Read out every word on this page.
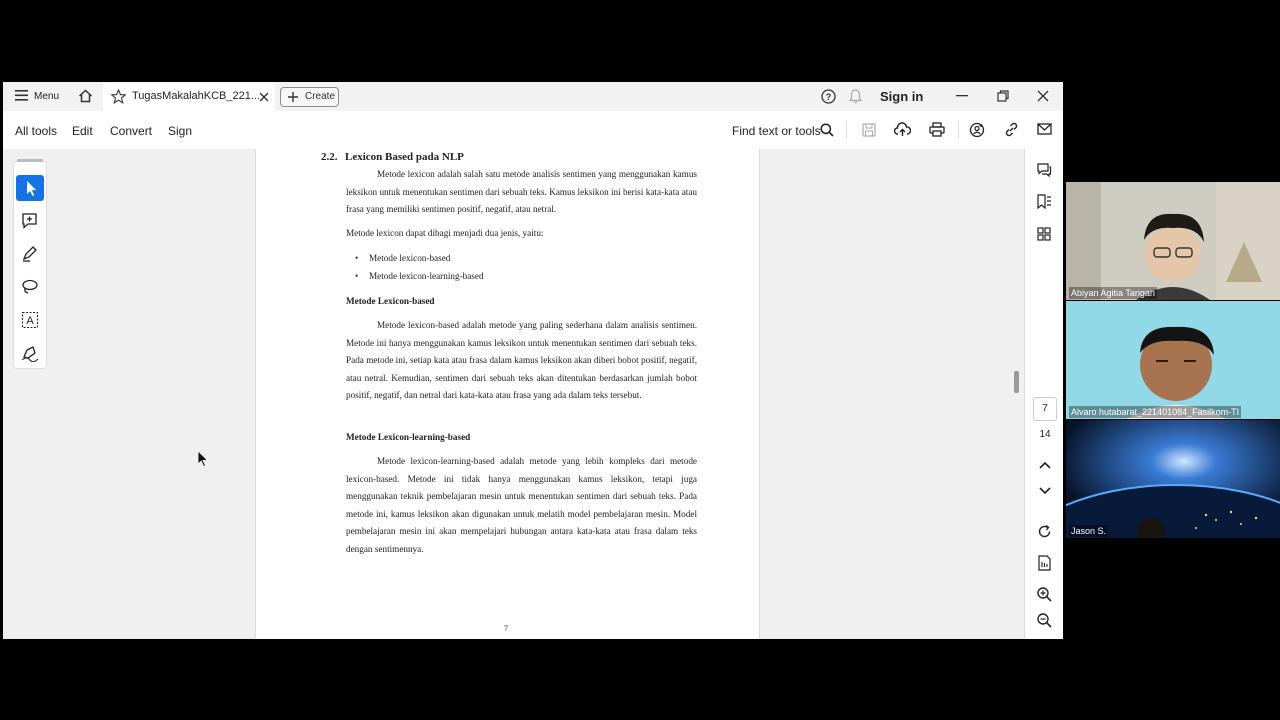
Menu	TugasMakalahKCB_221...	Create	?	Sign in
All tools Edit Convert Sign	Find text or tools
A
2.2. Lexicon Based pada NLP
Metode lexicon adalah salah satu metode analisis sentimen yang menggunakan kamus leksikon untuk menentukan sentimen dari sebuah teks. Kamus leksikon ini berisi kata-kata atau frasa yang memiliki sentimen positif, negatif, atau netral.
Metode lexicon dapat dibagi menjadi dua jenis, yaitu:
• Metode lexicon-based
• Metode lexicon-learning-based
Metode Lexicon-based
Metode lexicon-based adalah metode yang paling sederhana dalam analisis sentimen. Metode ini hanya menggunakan kamus leksikon untuk menentukan sentimen dari sebuah teks. Pada metode ini, setiap kata atau frasa dalam kamus leksikon akan diberi bobot positif, negatif, atau netral. Kemudian, sentimen dari sebuah teks akan ditentukan berdasarkan jumlah bobot positif, negatif, dan netral dari kata-kata atau frasa yang ada dalam teks tersebut.
Metode Lexicon-learning-based
Metode lexicon-learning-based adalah metode yang lebih kompleks dari metode lexicon-based. Metode ini tidak hanya menggunakan kamus leksikon, tetapi juga menggunakan teknik pembelajaran mesin untuk menentukan sentimen dari sebuah teks. Pada metode ini, kamus leksikon akan digunakan untuk melatih model pembelajaran mesin. Model pembelajaran mesin ini akan mempelajari hubungan antara kata-kata atau frasa dalam teks dengan sentimennya.
7
7
14
Abiyan Agitia Tarigan
Alvaro hutabarat_221401084_Fasilkom-TI
Jason S.
